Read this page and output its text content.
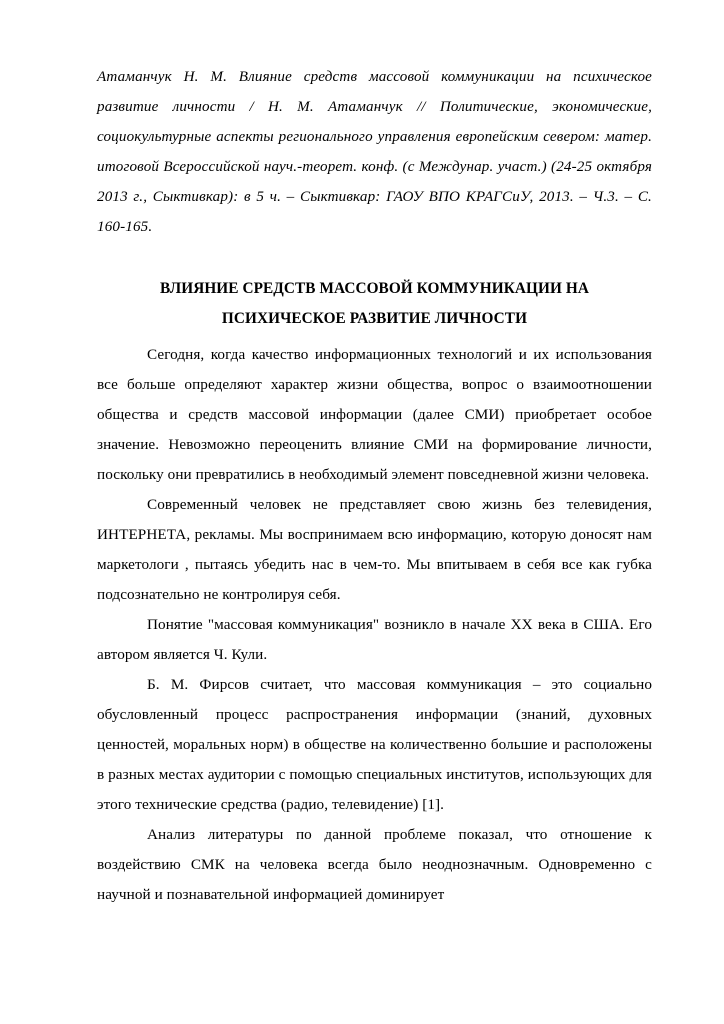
Атаманчук Н. М. Влияние средств массовой коммуникации на психическое развитие личности / Н. М. Атаманчук // Политические, экономические, социокультурные аспекты регионального управления европейским севером: матер. итоговой Всероссийской науч.-теорет. конф. (с Междунар. участ.) (24-25 октября 2013 г., Сыктивкар): в 5 ч. – Сыктивкар: ГАОУ ВПО КРАГСиУ, 2013. – Ч.3. – С. 160-165.

ВЛИЯНИЕ СРЕДСТВ МАССОВОЙ КОММУНИКАЦИИ НА
ПСИХИЧЕСКОЕ РАЗВИТИЕ ЛИЧНОСТИ

Сегодня, когда качество информационных технологий и их использования все больше определяют характер жизни общества, вопрос о взаимоотношении общества и средств массовой информации (далее СМИ) приобретает особое значение. Невозможно переоценить влияние СМИ на формирование личности, поскольку они превратились в необходимый элемент повседневной жизни человека.

Современный человек не представляет свою жизнь без телевидения, ИНТЕРНЕТА, рекламы. Мы воспринимаем всю информацию, которую доносят нам маркетологи , пытаясь убедить нас в чем-то. Мы впитываем в себя все как губка подсознательно не контролируя себя.

Понятие "массовая коммуникация" возникло в начале XX века в США. Его автором является Ч. Кули.

Б. М. Фирсов считает, что массовая коммуникация – это социально обусловленный процесс распространения информации (знаний, духовных ценностей, моральных норм) в обществе на количественно большие и расположены в разных местах аудитории с помощью специальных институтов, использующих для этого технические средства (радио, телевидение) [1].

Анализ литературы по данной проблеме показал, что отношение к воздействию СМК на человека всегда было неоднозначным. Одновременно с научной и познавательной информацией доминирует
